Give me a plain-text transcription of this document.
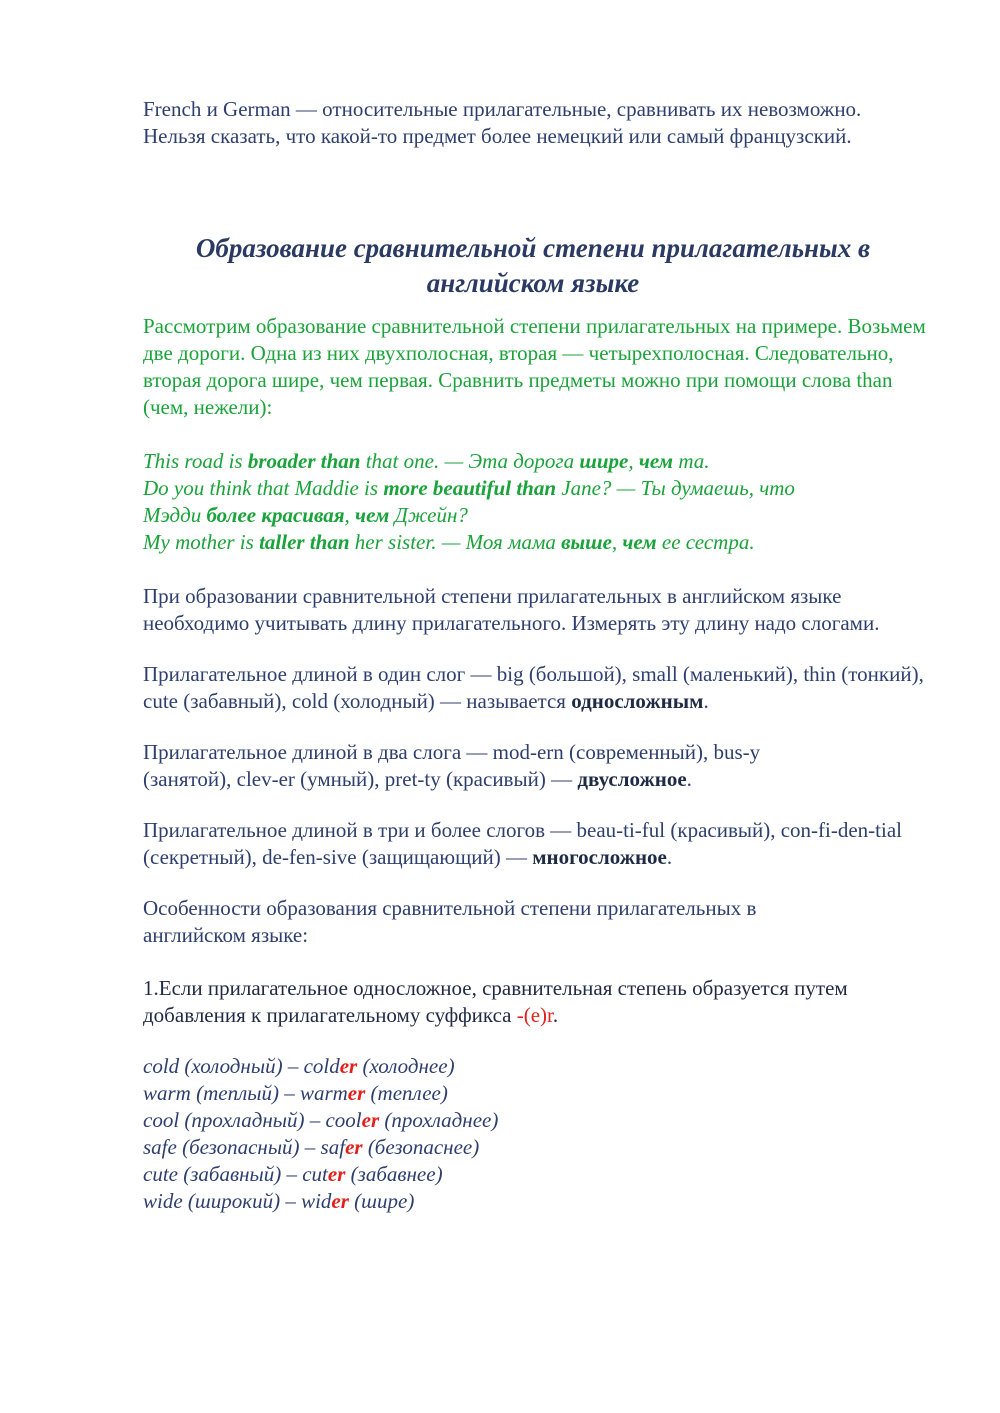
French и German — относительные прилагательные, сравнивать их невозможно. Нельзя сказать, что какой-то предмет более немецкий или самый французский.

Образование сравнительной степени прилагательных в
английском языке

Рассмотрим образование сравнительной степени прилагательных на примере. Возьмем две дороги. Одна из них двухполосная, вторая — четырехполосная. Следовательно, вторая дорога шире, чем первая. Сравнить предметы можно при помощи слова than (чем, нежели):

This road is broader than that one. — Эта дорога шире, чем та.
Do you think that Maddie is more beautiful than Jane? — Ты думаешь, что
Мэдди более красивая, чем Джейн?
My mother is taller than her sister. — Моя мама выше, чем ее сестра.

При образовании сравнительной степени прилагательных в английском языке необходимо учитывать длину прилагательного. Измерять эту длину надо слогами.

Прилагательное длиной в один слог — big (большой), small (маленький), thin (тонкий), cute (забавный), cold (холодный) — называется односложным.

Прилагательное длиной в два слога — mod-ern (современный), bus-y (занятой), clev-er (умный), pret-ty (красивый) — двусложное.

Прилагательное длиной в три и более слогов — beau-ti-ful (красивый), con-fi-den-tial (секретный), de-fen-sive (защищающий) — многосложное.

Особенности образования сравнительной степени прилагательных в английском языке:

1.Если прилагательное односложное, сравнительная степень образуется путем добавления к прилагательному суффикса -(e)r.

cold (холодный) – colder (холоднее)
warm (теплый) – warmer (теплее)
cool (прохладный) – cooler (прохладнее)
safe (безопасный) – safer (безопаснее)
cute (забавный) – cuter (забавнее)
wide (широкий) – wider (шире)
